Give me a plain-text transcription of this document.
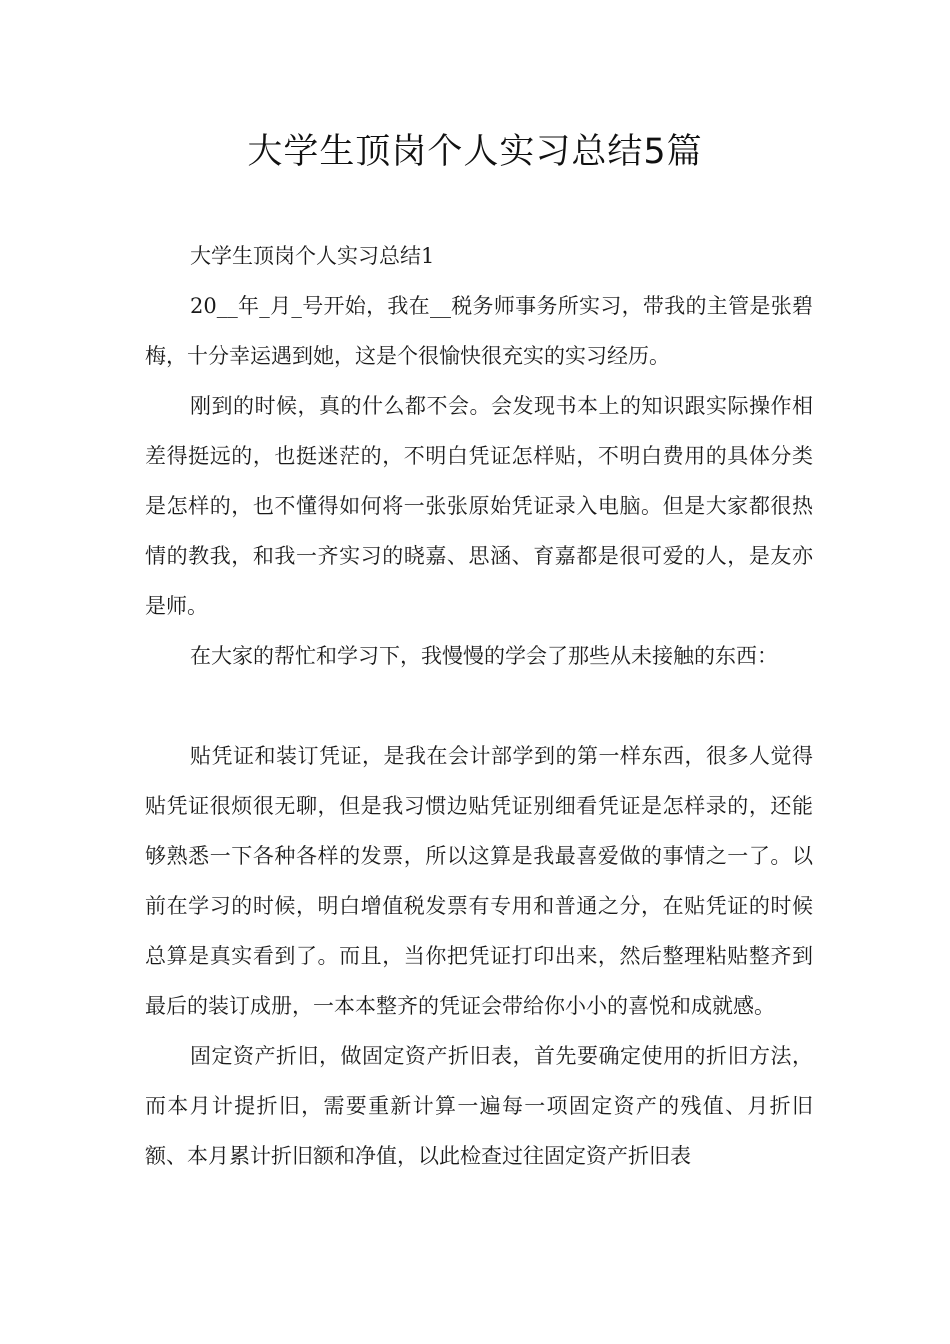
大学生顶岗个人实习总结5篇

大学生顶岗个人实习总结1

20__年_月_号开始，我在__税务师事务所实习，带我的主管是张碧梅，十分幸运遇到她，这是个很愉快很充实的实习经历。

刚到的时候，真的什么都不会。会发现书本上的知识跟实际操作相差得挺远的，也挺迷茫的，不明白凭证怎样贴，不明白费用的具体分类是怎样的，也不懂得如何将一张张原始凭证录入电脑。但是大家都很热情的教我，和我一齐实习的晓嘉、思涵、育嘉都是很可爱的人，是友亦是师。

在大家的帮忙和学习下，我慢慢的学会了那些从未接触的东西：

贴凭证和装订凭证，是我在会计部学到的第一样东西，很多人觉得贴凭证很烦很无聊，但是我习惯边贴凭证别细看凭证是怎样录的，还能够熟悉一下各种各样的发票，所以这算是我最喜爱做的事情之一了。以前在学习的时候，明白增值税发票有专用和普通之分，在贴凭证的时候总算是真实看到了。而且，当你把凭证打印出来，然后整理粘贴整齐到最后的装订成册，一本本整齐的凭证会带给你小小的喜悦和成就感。

固定资产折旧，做固定资产折旧表，首先要确定使用的折旧方法，而本月计提折旧，需要重新计算一遍每一项固定资产的残值、月折旧额、本月累计折旧额和净值，以此检查过往固定资产折旧表
